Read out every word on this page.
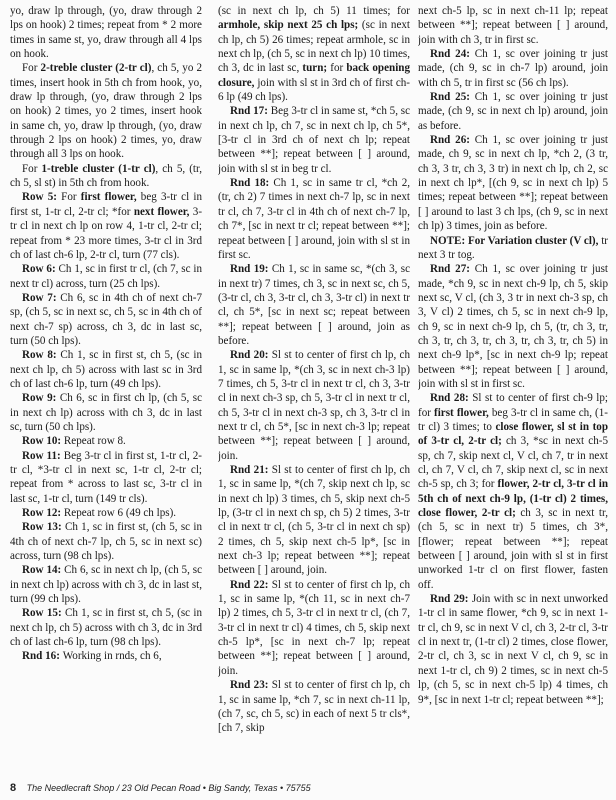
yo, draw lp through, (yo, draw through 2 lps on hook) 2 times; repeat from * 2 more times in same st, yo, draw through all 4 lps on hook.

For 2-treble cluster (2-tr cl), ch 5, yo 2 times, insert hook in 5th ch from hook, yo, draw lp through, (yo, draw through 2 lps on hook) 2 times, yo 2 times, insert hook in same ch, yo, draw lp through, (yo, draw through 2 lps on hook) 2 times, yo, draw through all 3 lps on hook.

For 1-treble cluster (1-tr cl), ch 5, (tr, ch 5, sl st) in 5th ch from hook.

Row 5: For first flower, beg 3-tr cl in first st, 1-tr cl, 2-tr cl; *for next flower, 3-tr cl in next ch lp on row 4, 1-tr cl, 2-tr cl; repeat from * 23 more times, 3-tr cl in 3rd ch of last ch-6 lp, 2-tr cl, turn (77 cls).

Row 6: Ch 1, sc in first tr cl, (ch 7, sc in next tr cl) across, turn (25 ch lps).

Row 7: Ch 6, sc in 4th ch of next ch-7 sp, (ch 5, sc in next sc, ch 5, sc in 4th ch of next ch-7 sp) across, ch 3, dc in last sc, turn (50 ch lps).

Row 8: Ch 1, sc in first st, ch 5, (sc in next ch lp, ch 5) across with last sc in 3rd ch of last ch-6 lp, turn (49 ch lps).

Row 9: Ch 6, sc in first ch lp, (ch 5, sc in next ch lp) across with ch 3, dc in last sc, turn (50 ch lps).

Row 10: Repeat row 8.

Row 11: Beg 3-tr cl in first st, 1-tr cl, 2-tr cl, *3-tr cl in next sc, 1-tr cl, 2-tr cl; repeat from * across to last sc, 3-tr cl in last sc, 1-tr cl, turn (149 tr cls).

Row 12: Repeat row 6 (49 ch lps).

Row 13: Ch 1, sc in first st, (ch 5, sc in 4th ch of next ch-7 lp, ch 5, sc in next sc) across, turn (98 ch lps).

Row 14: Ch 6, sc in next ch lp, (ch 5, sc in next ch lp) across with ch 3, dc in last st, turn (99 ch lps).

Row 15: Ch 1, sc in first st, ch 5, (sc in next ch lp, ch 5) across with ch 3, dc in 3rd ch of last ch-6 lp, turn (98 ch lps).

Rnd 16: Working in rnds, ch 6,

(sc in next ch lp, ch 5) 11 times; for armhole, skip next 25 ch lps; (sc in next ch lp, ch 5) 26 times; repeat armhole, sc in next ch lp, (ch 5, sc in next ch lp) 10 times, ch 3, dc in last sc, turn; for back opening closure, join with sl st in 3rd ch of first ch-6 lp (49 ch lps).

Rnd 17: Beg 3-tr cl in same st, *ch 5, sc in next ch lp, ch 7, sc in next ch lp, ch 5*, [3-tr cl in 3rd ch of next ch lp; repeat between **]; repeat between [ ] around, join with sl st in beg tr cl.

Rnd 18: Ch 1, sc in same tr cl, *ch 2, (tr, ch 2) 7 times in next ch-7 lp, sc in next tr cl, ch 7, 3-tr cl in 4th ch of next ch-7 lp, ch 7*, [sc in next tr cl; repeat between **]; repeat between [ ] around, join with sl st in first sc.

Rnd 19: Ch 1, sc in same sc, *(ch 3, sc in next tr) 7 times, ch 3, sc in next sc, ch 5, (3-tr cl, ch 3, 3-tr cl, ch 3, 3-tr cl) in next tr cl, ch 5*, [sc in next sc; repeat between **]; repeat between [ ] around, join as before.

Rnd 20: Sl st to center of first ch lp, ch 1, sc in same lp, *(ch 3, sc in next ch-3 lp) 7 times, ch 5, 3-tr cl in next tr cl, ch 3, 3-tr cl in next ch-3 sp, ch 5, 3-tr cl in next tr cl, ch 5, 3-tr cl in next ch-3 sp, ch 3, 3-tr cl in next tr cl, ch 5*, [sc in next ch-3 lp; repeat between **]; repeat between [ ] around, join.

Rnd 21: Sl st to center of first ch lp, ch 1, sc in same lp, *(ch 7, skip next ch lp, sc in next ch lp) 3 times, ch 5, skip next ch-5 lp, (3-tr cl in next ch sp, ch 5) 2 times, 3-tr cl in next tr cl, (ch 5, 3-tr cl in next ch sp) 2 times, ch 5, skip next ch-5 lp*, [sc in next ch-3 lp; repeat between **]; repeat between [ ] around, join.

Rnd 22: Sl st to center of first ch lp, ch 1, sc in same lp, *(ch 11, sc in next ch-7 lp) 2 times, ch 5, 3-tr cl in next tr cl, (ch 7, 3-tr cl in next tr cl) 4 times, ch 5, skip next ch-5 lp*, [sc in next ch-7 lp; repeat between **]; repeat between [ ] around, join.

Rnd 23: Sl st to center of first ch lp, ch 1, sc in same lp, *ch 7, sc in next ch-11 lp, (ch 7, sc, ch 5, sc) in each of next 5 tr cls*, [ch 7, skip

next ch-5 lp, sc in next ch-11 lp; repeat between **]; repeat between [ ] around, join with ch 3, tr in first sc.

Rnd 24: Ch 1, sc over joining tr just made, (ch 9, sc in ch-7 lp) around, join with ch 5, tr in first sc (56 ch lps).

Rnd 25: Ch 1, sc over joining tr just made, (ch 9, sc in next ch lp) around, join as before.

Rnd 26: Ch 1, sc over joining tr just made, ch 9, sc in next ch lp, *ch 2, (3 tr, ch 3, 3 tr, ch 3, 3 tr) in next ch lp, ch 2, sc in next ch lp*, [(ch 9, sc in next ch lp) 5 times; repeat between **]; repeat between [ ] around to last 3 ch lps, (ch 9, sc in next ch lp) 3 times, join as before.

NOTE: For Variation cluster (V cl), tr next 3 tr tog.

Rnd 27: Ch 1, sc over joining tr just made, *ch 9, sc in next ch-9 lp, ch 5, skip next sc, V cl, (ch 3, 3 tr in next ch-3 sp, ch 3, V cl) 2 times, ch 5, sc in next ch-9 lp, ch 9, sc in next ch-9 lp, ch 5, (tr, ch 3, tr, ch 3, tr, ch 3, tr, ch 3, tr, ch 3, tr, ch 5) in next ch-9 lp*, [sc in next ch-9 lp; repeat between **]; repeat between [ ] around, join with sl st in first sc.

Rnd 28: Sl st to center of first ch-9 lp; for first flower, beg 3-tr cl in same ch, (1-tr cl) 3 times; to close flower, sl st in top of 3-tr cl, 2-tr cl; ch 3, *sc in next ch-5 sp, ch 7, skip next cl, V cl, ch 7, tr in next cl, ch 7, V cl, ch 7, skip next cl, sc in next ch-5 sp, ch 3; for flower, 2-tr cl, 3-tr cl in 5th ch of next ch-9 lp, (1-tr cl) 2 times, close flower, 2-tr cl; ch 3, sc in next tr, (ch 5, sc in next tr) 5 times, ch 3*, [flower; repeat between **]; repeat between [ ] around, join with sl st in first unworked 1-tr cl on first flower, fasten off.

Rnd 29: Join with sc in next unworked 1-tr cl in same flower, *ch 9, sc in next 1-tr cl, ch 9, sc in next V cl, ch 3, 2-tr cl, 3-tr cl in next tr, (1-tr cl) 2 times, close flower, 2-tr cl, ch 3, sc in next V cl, ch 9, sc in next 1-tr cl, ch 9) 2 times, sc in next ch-5 lp, (ch 5, sc in next ch-5 lp) 4 times, ch 9*, [sc in next 1-tr cl; repeat between **];

8 The Needlecraft Shop / 23 Old Pecan Road • Big Sandy, Texas • 75755
